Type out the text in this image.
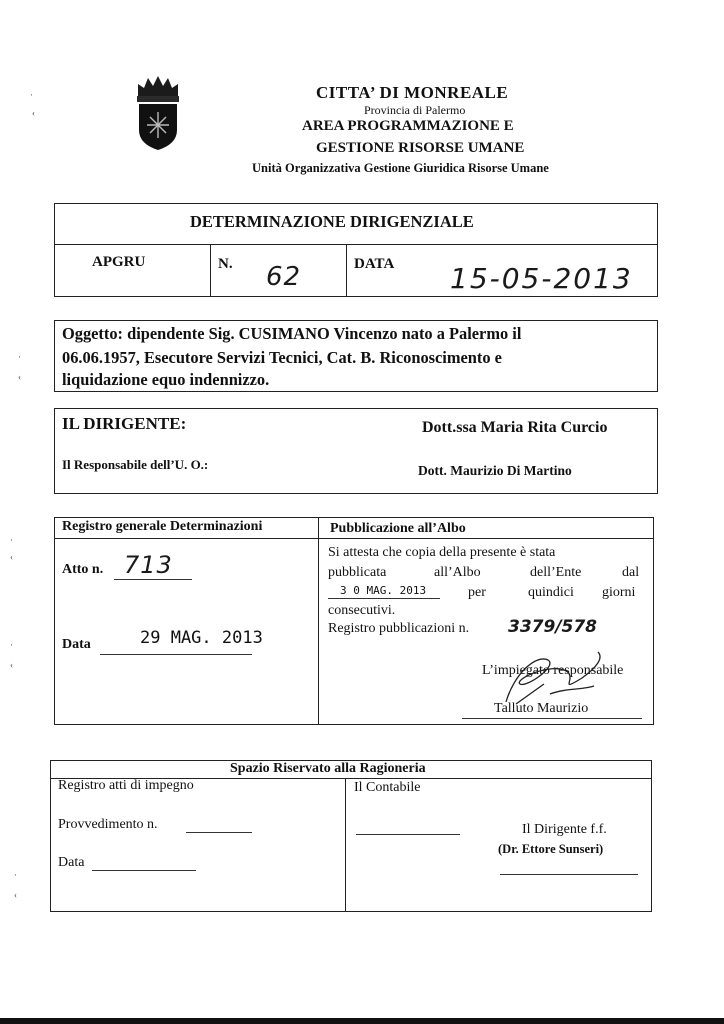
CITTA’ DI MONREALE
Provincia di Palermo
AREA PROGRAMMAZIONE E
GESTIONE RISORSE UMANE
Unità Organizzativa Gestione Giuridica Risorse Umane
DETERMINAZIONE DIRIGENZIALE
APGRU	N. 62	DATA 15-05-2013
Oggetto: dipendente Sig. CUSIMANO Vincenzo nato a Palermo il
06.06.1957, Esecutore Servizi Tecnici, Cat. B. Riconoscimento e
liquidazione equo indennizzo.
IL DIRIGENTE:	Dott.ssa Maria Rita Curcio
Il Responsabile dell’U. O.:	Dott. Maurizio Di Martino
Registro generale Determinazioni	Pubblicazione all’Albo
Atto n. 713
Data	29 MAG. 2013
Si attesta che copia della presente è stata
pubblicata	all’Albo	dell’Ente	dal
3 0 MAG. 2013	per	quindici giorni
consecutivi.
Registro pubblicazioni n. 3379/578
L’impiegato responsabile
Talluto Maurizio
Spazio Riservato alla Ragioneria
Registro atti di impegno	Il Contabile
Provvedimento n.
Data
Il Dirigente f.f.
(Dr. Ettore Sunseri)
·
‹
·
‹
·
‹
·
‹
·
‹
